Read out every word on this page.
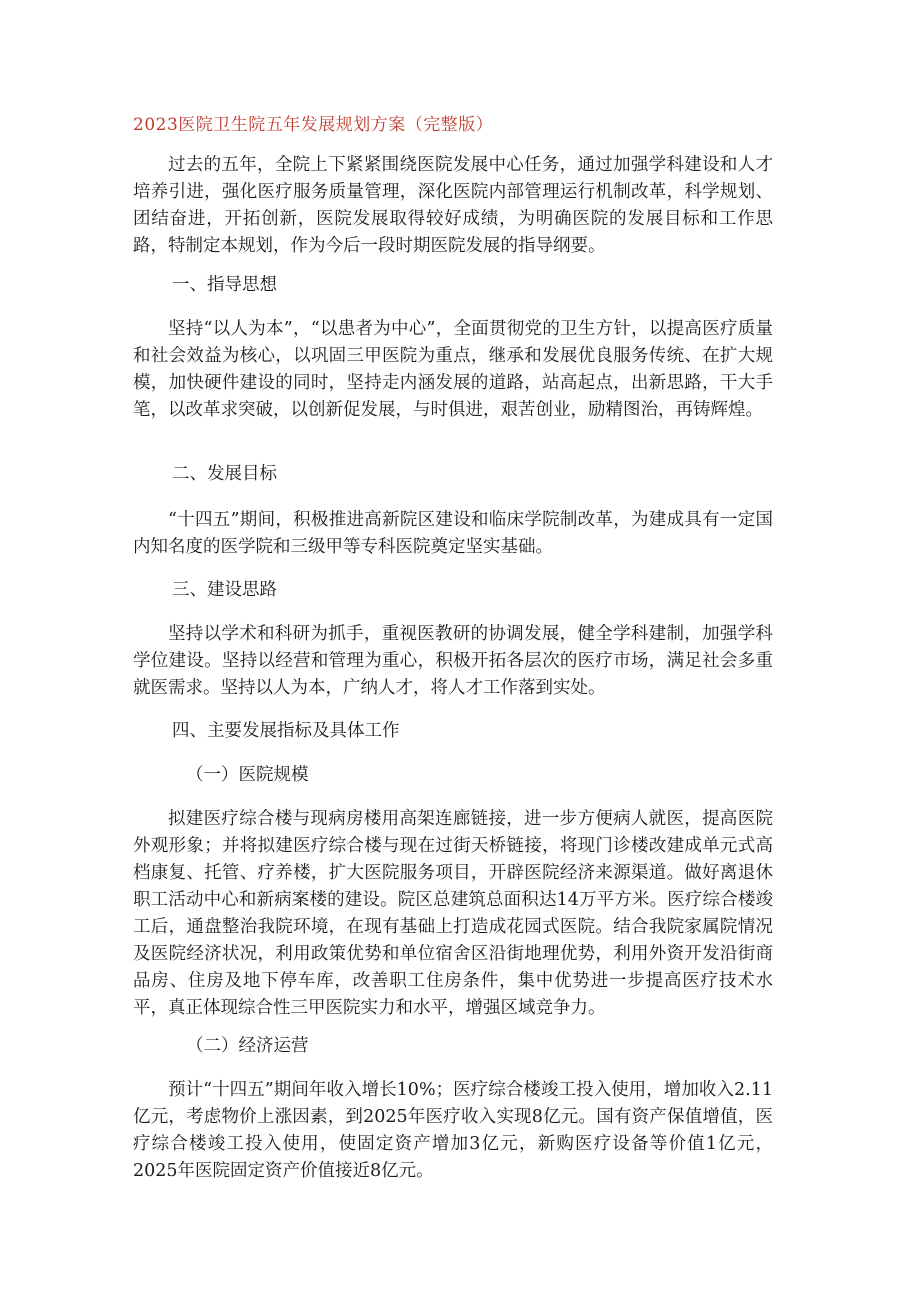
2023医院卫生院五年发展规划方案（完整版）

过去的五年，全院上下紧紧围绕医院发展中心任务，通过加强学科建设和人才培养引进，强化医疗服务质量管理，深化医院内部管理运行机制改革，科学规划、团结奋进，开拓创新，医院发展取得较好成绩，为明确医院的发展目标和工作思路，特制定本规划，作为今后一段时期医院发展的指导纲要。

一、指导思想

坚持“以人为本”，“以患者为中心”，全面贯彻党的卫生方针，以提高医疗质量和社会效益为核心，以巩固三甲医院为重点，继承和发展优良服务传统、在扩大规模，加快硬件建设的同时，坚持走内涵发展的道路，站高起点，出新思路，干大手笔，以改革求突破，以创新促发展，与时俱进，艰苦创业，励精图治，再铸辉煌。

二、发展目标

“十四五”期间，积极推进高新院区建设和临床学院制改革，为建成具有一定国内知名度的医学院和三级甲等专科医院奠定坚实基础。

三、建设思路

坚持以学术和科研为抓手，重视医教研的协调发展，健全学科建制，加强学科学位建设。坚持以经营和管理为重心，积极开拓各层次的医疗市场，满足社会多重就医需求。坚持以人为本，广纳人才，将人才工作落到实处。

四、主要发展指标及具体工作

（一）医院规模

拟建医疗综合楼与现病房楼用高架连廊链接，进一步方便病人就医，提高医院外观形象；并将拟建医疗综合楼与现在过街天桥链接，将现门诊楼改建成单元式高档康复、托管、疗养楼，扩大医院服务项目，开辟医院经济来源渠道。做好离退休职工活动中心和新病案楼的建设。院区总建筑总面积达14万平方米。医疗综合楼竣工后，通盘整治我院环境，在现有基础上打造成花园式医院。结合我院家属院情况及医院经济状况，利用政策优势和单位宿舍区沿街地理优势，利用外资开发沿街商品房、住房及地下停车库，改善职工住房条件，集中优势进一步提高医疗技术水平，真正体现综合性三甲医院实力和水平，增强区域竞争力。

（二）经济运营

预计“十四五”期间年收入增长10%；医疗综合楼竣工投入使用，增加收入2.11亿元，考虑物价上涨因素，到2025年医疗收入实现8亿元。国有资产保值增值，医疗综合楼竣工投入使用，使固定资产增加3亿元，新购医疗设备等价值1亿元，2025年医院固定资产价值接近8亿元。
